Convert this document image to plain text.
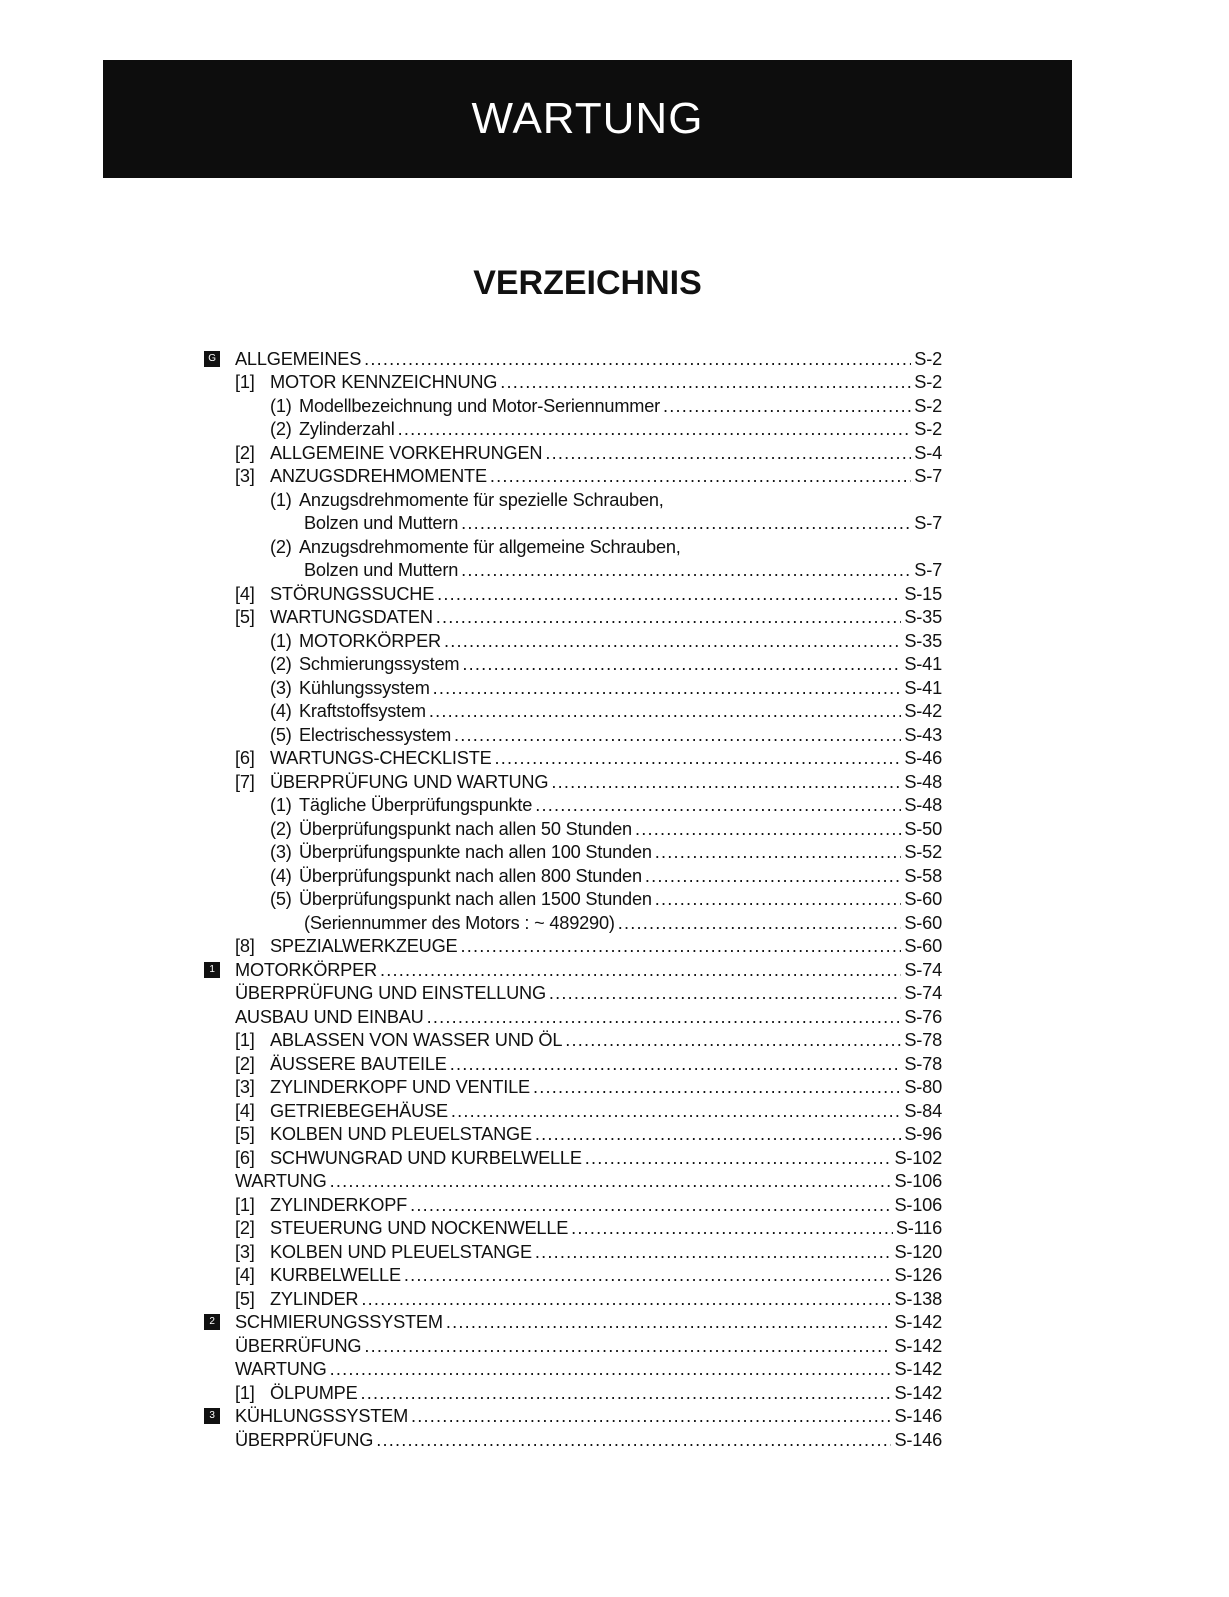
WARTUNG
VERZEICHNIS
G ALLGEMEINES .....	S-2
[1] MOTOR KENNZEICHNUNG .....	S-2
(1) Modellbezeichnung und Motor-Seriennummer .....	S-2
(2) Zylinderzahl .....	S-2
[2] ALLGEMEINE VORKEHRUNGEN .....	S-4
[3] ANZUGSDREHMOMENTE .....	S-7
(1) Anzugsdrehmomente für spezielle Schrauben,
Bolzen und Muttern .....	S-7
(2) Anzugsdrehmomente für allgemeine Schrauben,
Bolzen und Muttern .....	S-7
[4] STÖRUNGSSUCHE .....	S-15
[5] WARTUNGSDATEN .....	S-35
(1) MOTORKÖRPER .....	S-35
(2) Schmierungssystem .....	S-41
(3) Kühlungssystem .....	S-41
(4) Kraftstoffsystem .....	S-42
(5) Electrischessystem .....	S-43
[6] WARTUNGS-CHECKLISTE .....	S-46
[7] ÜBERPRÜFUNG UND WARTUNG .....	S-48
(1) Tägliche Überprüfungspunkte .....	S-48
(2) Überprüfungspunkt nach allen 50 Stunden .....	S-50
(3) Überprüfungspunkte nach allen 100 Stunden .....	S-52
(4) Überprüfungspunkt nach allen 800 Stunden .....	S-58
(5) Überprüfungspunkt nach allen 1500 Stunden .....	S-60
(Seriennummer des Motors : ~ 489290) .....	S-60
[8] SPEZIALWERKZEUGE .....	S-60
1 MOTORKÖRPER .....	S-74
ÜBERPRÜFUNG UND EINSTELLUNG .....	S-74
AUSBAU UND EINBAU .....	S-76
[1] ABLASSEN VON WASSER UND ÖL .....	S-78
[2] ÄUSSERE BAUTEILE .....	S-78
[3] ZYLINDERKOPF UND VENTILE .....	S-80
[4] GETRIEBEGEHÄUSE .....	S-84
[5] KOLBEN UND PLEUELSTANGE .....	S-96
[6] SCHWUNGRAD UND KURBELWELLE .....	S-102
WARTUNG .....	S-106
[1] ZYLINDERKOPF .....	S-106
[2] STEUERUNG UND NOCKENWELLE .....	S-116
[3] KOLBEN UND PLEUELSTANGE .....	S-120
[4] KURBELWELLE .....	S-126
[5] ZYLINDER .....	S-138
2 SCHMIERUNGSSYSTEM .....	S-142
ÜBERRÜFUNG .....	S-142
WARTUNG .....	S-142
[1] ÖLPUMPE .....	S-142
3 KÜHLUNGSSYSTEM .....	S-146
ÜBERPRÜFUNG .....	S-146
